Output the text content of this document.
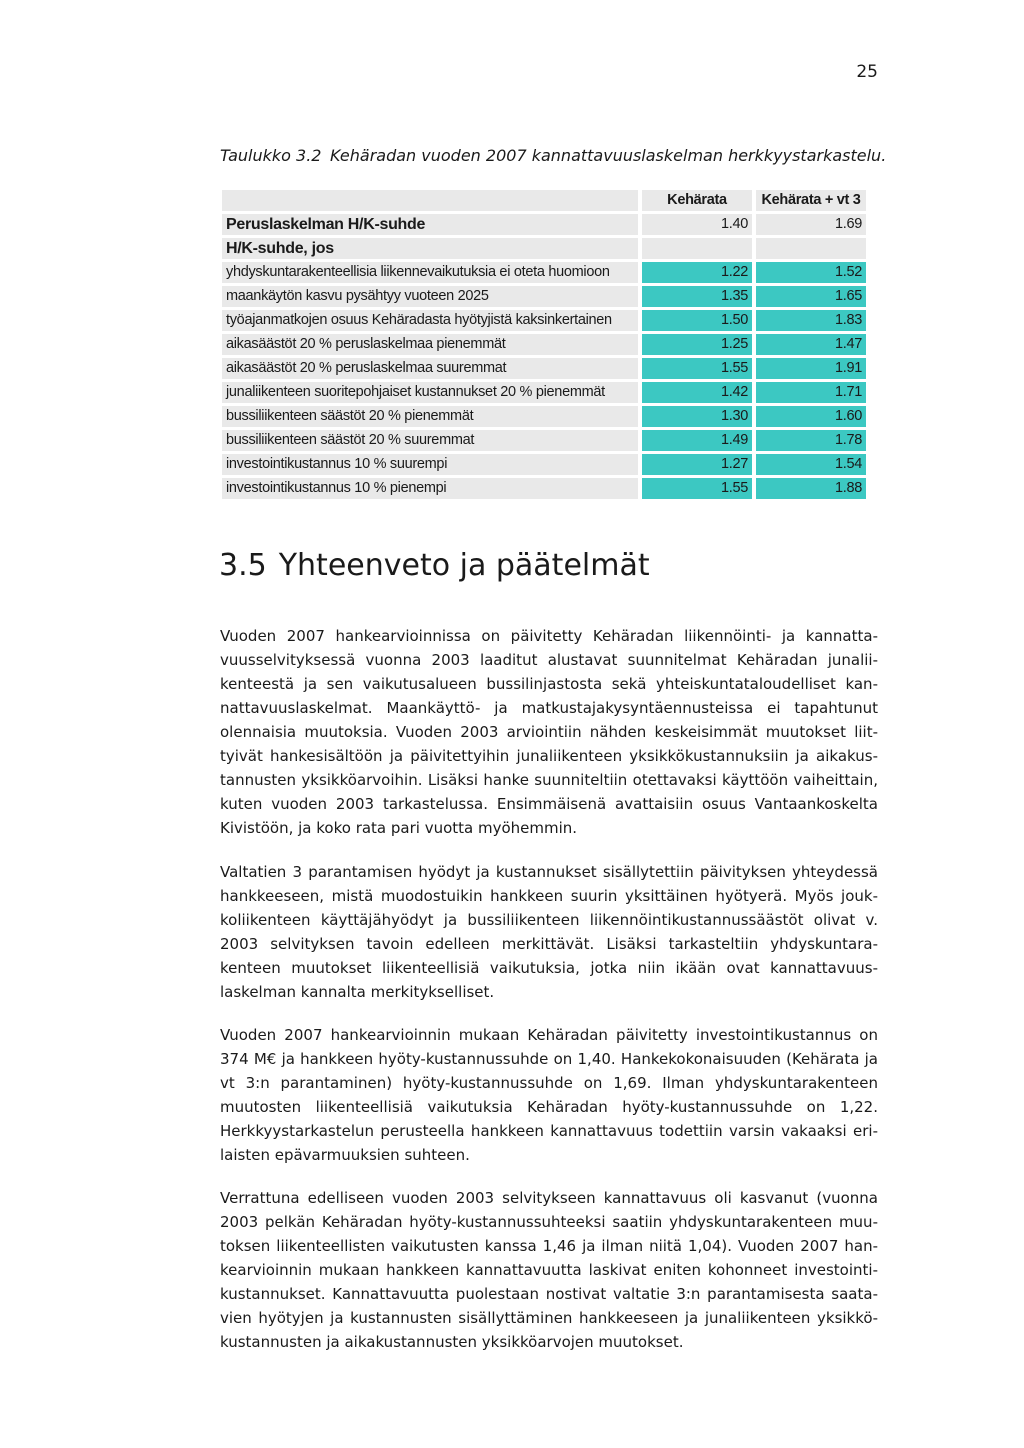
25
Taulukko 3.2 Kehäradan vuoden 2007 kannattavuuslaskelman herkkyystarkastelu.
	Kehärata	Kehärata + vt 3
Peruslaskelman H/K-suhde	1.40	1.69
H/K-suhde, jos		
yhdyskuntarakenteellisia liikennevaikutuksia ei oteta huomioon	1.22	1.52
maankäytön kasvu pysähtyy vuoteen 2025	1.35	1.65
työajanmatkojen osuus Kehäradasta hyötyjistä kaksinkertainen	1.50	1.83
aikasäästöt 20 % peruslaskelmaa pienemmät	1.25	1.47
aikasäästöt 20 % peruslaskelmaa suuremmat	1.55	1.91
junaliikenteen suoritepohjaiset kustannukset 20 % pienemmät	1.42	1.71
bussiliikenteen säästöt 20 % pienemmät	1.30	1.60
bussiliikenteen säästöt 20 % suuremmat	1.49	1.78
investointikustannus 10 % suurempi	1.27	1.54
investointikustannus 10 % pienempi	1.55	1.88
3.5 Yhteenveto ja päätelmät

Vuoden 2007 hankearvioinnissa on päivitetty Kehäradan liikennöinti- ja kannattavuusselvityksessä vuonna 2003 laaditut alustavat suunnitelmat Kehäradan junaliikenteestä ja sen vaikutusalueen bussilinjastosta sekä yhteiskuntataloudelliset kannattavuuslaskelmat. Maankäyttö- ja matkustajakysyntäennusteissa ei tapahtunut olennaisia muutoksia. Vuoden 2003 arviointiin nähden keskeisimmät muutokset liittyivät hankesisältöön ja päivitettyihin junaliikenteen yksikkökustannuksiin ja aikakustannusten yksikköarvoihin. Lisäksi hanke suunniteltiin otettavaksi käyttöön vaiheittain, kuten vuoden 2003 tarkastelussa. Ensimmäisenä avattaisiin osuus Vantaankoskelta Kivistöön, ja koko rata pari vuotta myöhemmin.

Valtatien 3 parantamisen hyödyt ja kustannukset sisällytettiin päivityksen yhteydessä hankkeeseen, mistä muodostuikin hankkeen suurin yksittäinen hyötyerä. Myös joukkoliikenteen käyttäjähyödyt ja bussiliikenteen liikennöintikustannussäästöt olivat v. 2003 selvityksen tavoin edelleen merkittävät. Lisäksi tarkasteltiin yhdyskuntarakenteen muutokset liikenteellisiä vaikutuksia, jotka niin ikään ovat kannattavuuslaskelman kannalta merkitykselliset.

Vuoden 2007 hankearvioinnin mukaan Kehäradan päivitetty investointikustannus on 374 M€ ja hankkeen hyöty-kustannussuhde on 1,40. Hankekokonaisuuden (Kehärata ja vt 3:n parantaminen) hyöty-kustannussuhde on 1,69. Ilman yhdyskuntarakenteen muutosten liikenteellisiä vaikutuksia Kehäradan hyöty-kustannussuhde on 1,22. Herkkyystarkastelun perusteella hankkeen kannattavuus todettiin varsin vakaaksi erilaisten epävarmuuksien suhteen.

Verrattuna edelliseen vuoden 2003 selvitykseen kannattavuus oli kasvanut (vuonna 2003 pelkän Kehäradan hyöty-kustannussuhteeksi saatiin yhdyskuntarakenteen muutoksen liikenteellisten vaikutusten kanssa 1,46 ja ilman niitä 1,04). Vuoden 2007 hankearvioinnin mukaan hankkeen kannattavuutta laskivat eniten kohonneet investointikustannukset. Kannattavuutta puolestaan nostivat valtatie 3:n parantamisesta saatavien hyötyjen ja kustannusten sisällyttäminen hankkeeseen ja junaliikenteen yksikkökustannusten ja aikakustannusten yksikköarvojen muutokset.
